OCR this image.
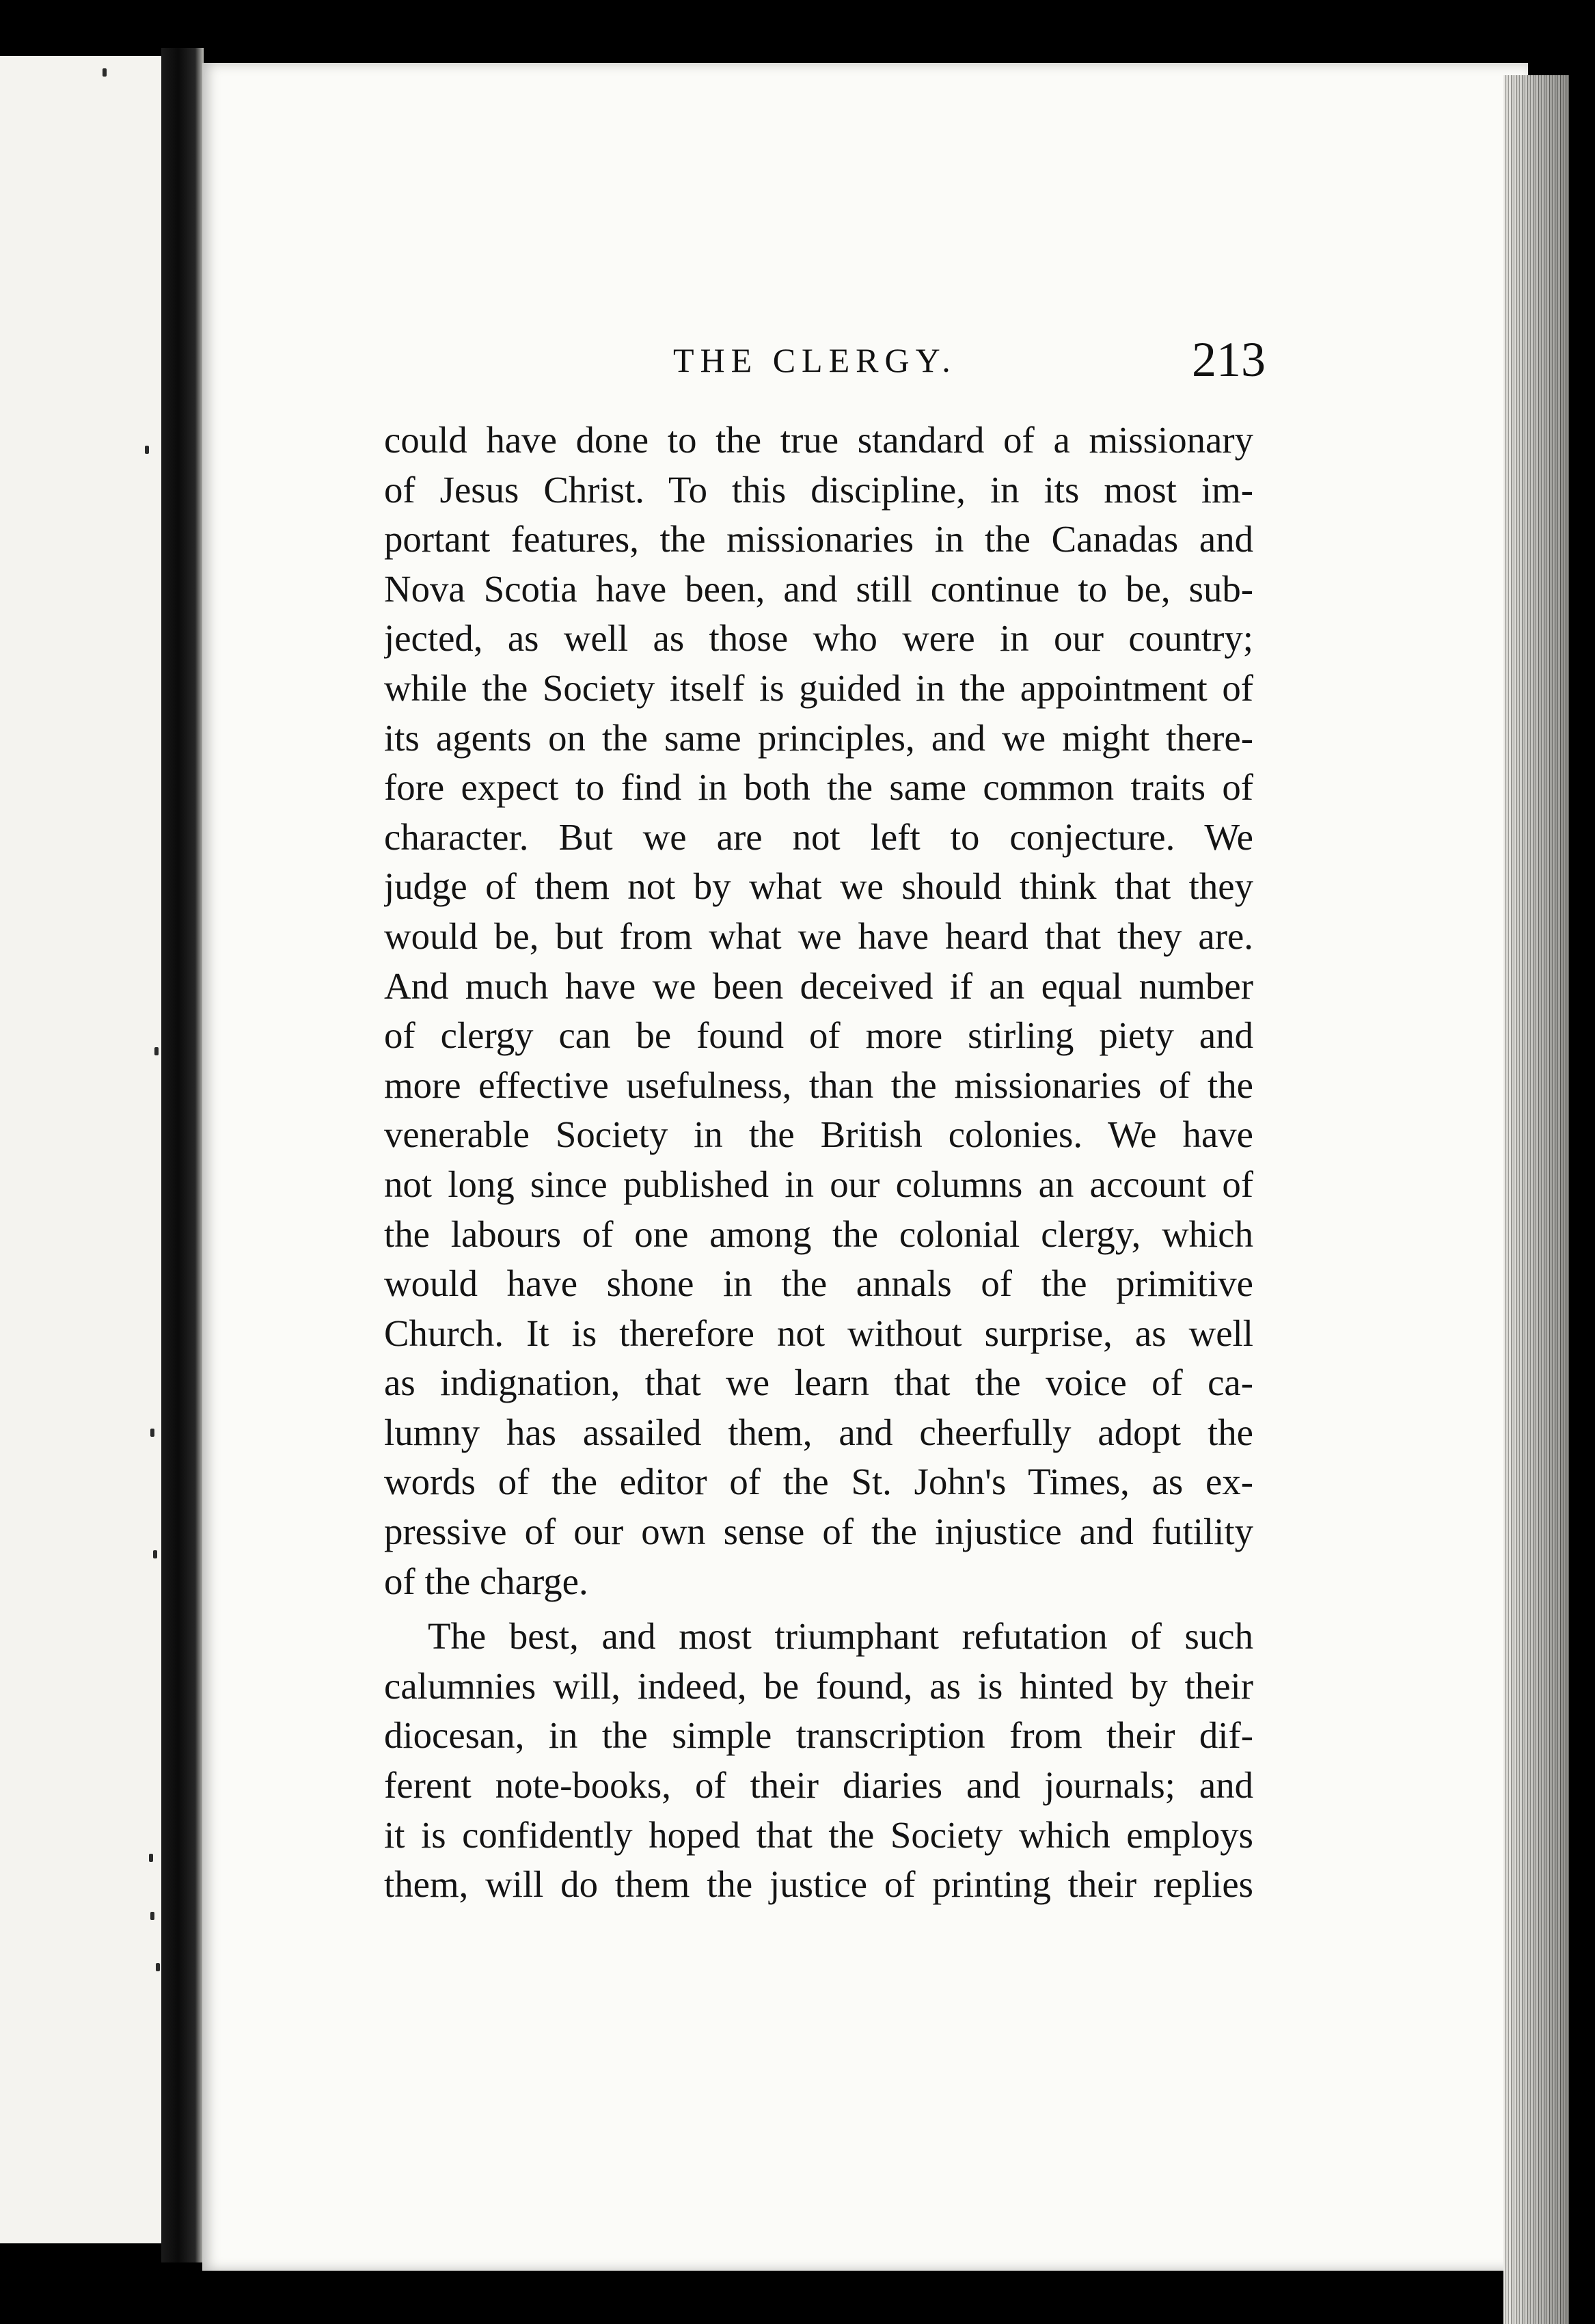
THE CLERGY.	213
could have done to the true standard of a missionary
of Jesus Christ. To this discipline, in its most im-
portant features, the missionaries in the Canadas and
Nova Scotia have been, and still continue to be, sub-
jected, as well as those who were in our country;
while the Society itself is guided in the appointment of
its agents on the same principles, and we might there-
fore expect to find in both the same common traits of
character. But we are not left to conjecture. We
judge of them not by what we should think that they
would be, but from what we have heard that they are.
And much have we been deceived if an equal number
of clergy can be found of more stirling piety and
more effective usefulness, than the missionaries of the
venerable Society in the British colonies. We have
not long since published in our columns an account of
the labours of one among the colonial clergy, which
would have shone in the annals of the primitive
Church. It is therefore not without surprise, as well
as indignation, that we learn that the voice of ca-
lumny has assailed them, and cheerfully adopt the
words of the editor of the St. John's Times, as ex-
pressive of our own sense of the injustice and futility
of the charge.
The best, and most triumphant refutation of such
calumnies will, indeed, be found, as is hinted by their
diocesan, in the simple transcription from their dif-
ferent note-books, of their diaries and journals; and
it is confidently hoped that the Society which employs
them, will do them the justice of printing their replies
